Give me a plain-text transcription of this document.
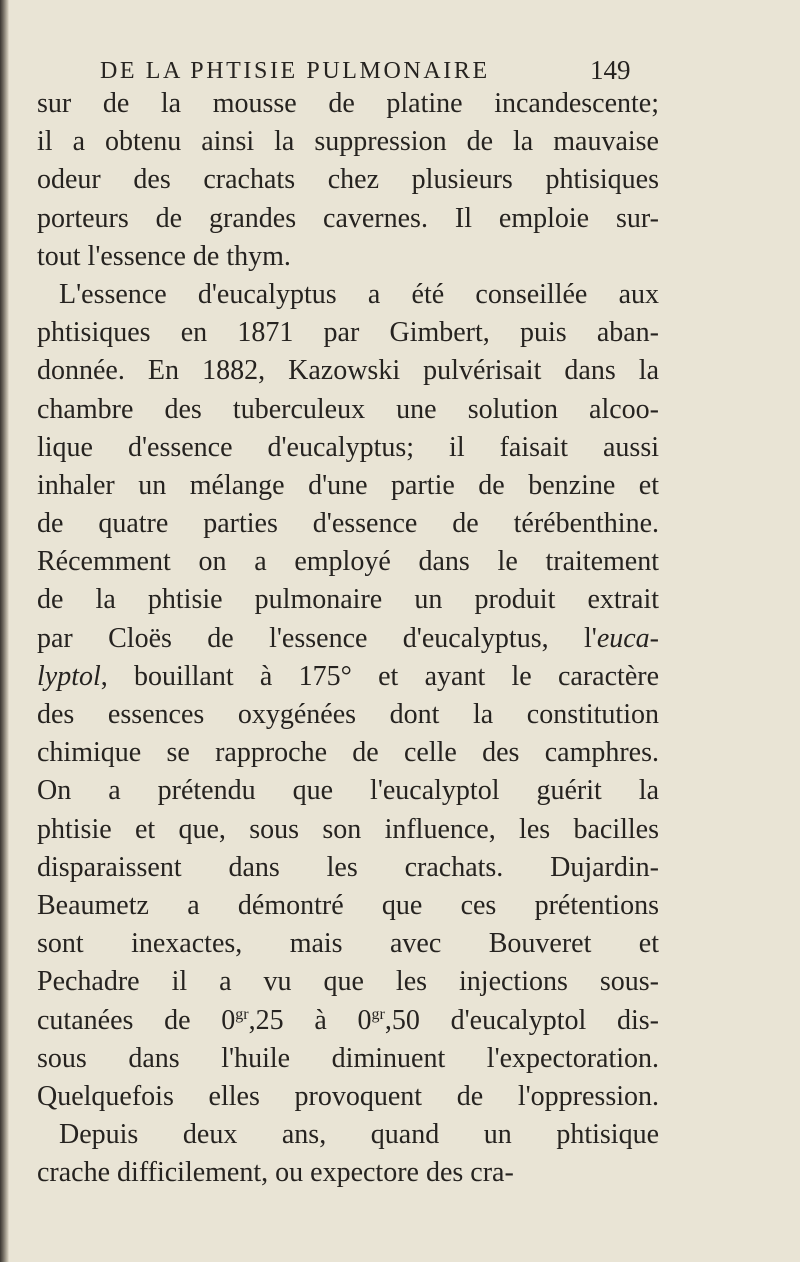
DE LA PHTISIE PULMONAIRE	149
sur de la mousse de platine incandescente;
il a obtenu ainsi la suppression de la mauvaise
odeur des crachats chez plusieurs phtisiques
porteurs de grandes cavernes. Il emploie sur-
tout l'essence de thym.
L'essence d'eucalyptus a été conseillée aux
phtisiques en 1871 par Gimbert, puis aban-
donnée. En 1882, Kazowski pulvérisait dans la
chambre des tuberculeux une solution alcoo-
lique d'essence d'eucalyptus; il faisait aussi
inhaler un mélange d'une partie de benzine et
de quatre parties d'essence de térébenthine.
Récemment on a employé dans le traitement
de la phtisie pulmonaire un produit extrait
par Cloës de l'essence d'eucalyptus, l'euca-
lyptol, bouillant à 175° et ayant le caractère
des essences oxygénées dont la constitution
chimique se rapproche de celle des camphres.
On a prétendu que l'eucalyptol guérit la
phtisie et que, sous son influence, les bacilles
disparaissent dans les crachats. Dujardin-
Beaumetz a démontré que ces prétentions
sont inexactes, mais avec Bouveret et
Pechadre il a vu que les injections sous-
cutanées de $0^{gr},25$ à $0^{gr},50$ d'eucalyptol dis-
sous dans l'huile diminuent l'expectoration.
Quelquefois elles provoquent de l'oppression.
Depuis deux ans, quand un phtisique
crache difficilement, ou expectore des cra-
